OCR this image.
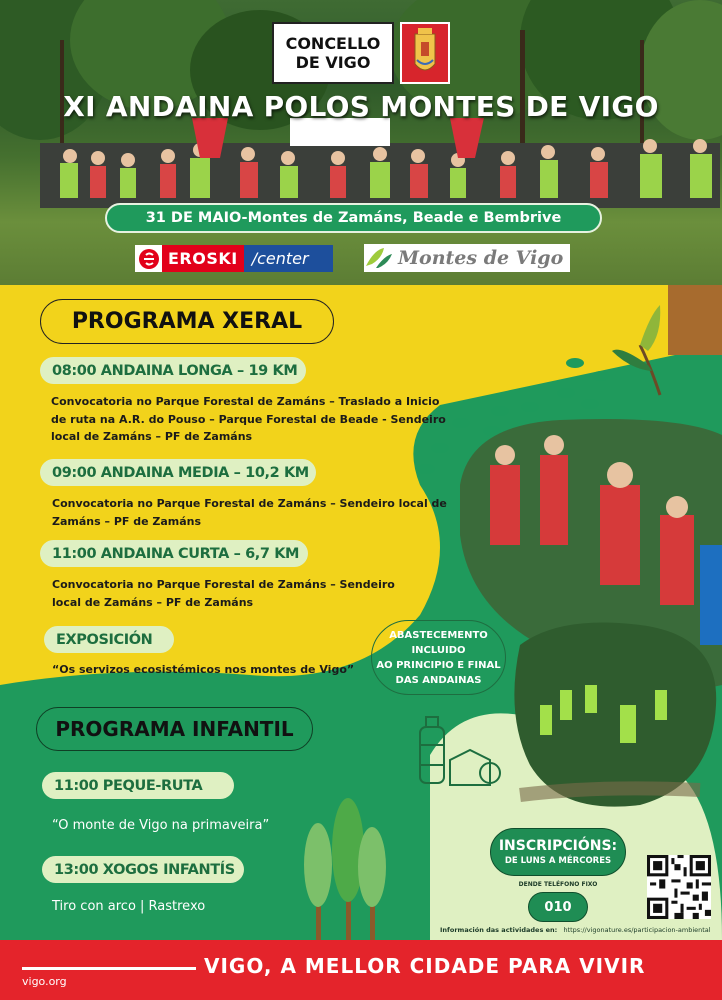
CONCELLO
DE VIGO
XI ANDAINA POLOS MONTES DE VIGO
31 DE MAIO-Montes de Zamáns, Beade e Bembrive
EROSKI / center	Montes de Vigo
PROGRAMA XERAL
08:00 ANDAINA LONGA – 19 KM
Convocatoria no Parque Forestal de Zamáns – Traslado a Inicio
de ruta na A.R. do Pouso – Parque Forestal de Beade - Sendeiro
local de Zamáns – PF de Zamáns
09:00 ANDAINA MEDIA – 10,2 KM
Convocatoria no Parque Forestal de Zamáns – Sendeiro local de
Zamáns – PF de Zamáns
11:00 ANDAINA CURTA – 6,7 KM
Convocatoria no Parque Forestal de Zamáns – Sendeiro
local de Zamáns – PF de Zamáns
EXPOSICIÓN
“Os servizos ecosistémicos nos montes de Vigo”
PROGRAMA INFANTIL
11:00 PEQUE-RUTA
“O monte de Vigo na primaveira”
13:00 XOGOS INFANTÍS
Tiro con arco | Rastrexo
ABASTECEMENTO
INCLUIDO
AO PRINCIPIO E FINAL
DAS ANDAINAS
INSCRIPCIÓNS:
DE LUNS A MÉRCORES
DENDE TELÉFONO FIXO
010
Información das actividades en: https://vigonature.es/participacion-ambiental
VIGO, A MELLOR CIDADE PARA VIVIR
vigo.org
